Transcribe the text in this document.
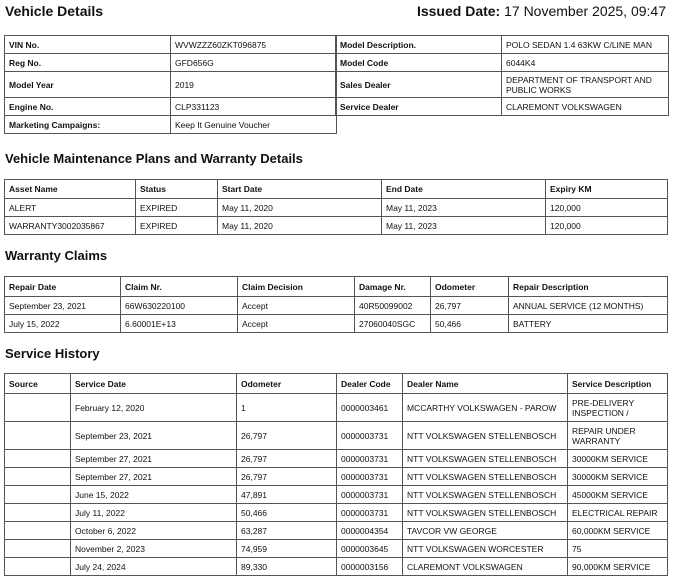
Vehicle Details	Issued Date: 17 November 2025, 09:47
VIN No.	WVWZZZ60ZKT096875
Reg No.	GFD656G
Model Year	2019
Engine No.	CLP331123
Marketing Campaigns:	Keep It Genuine Voucher
Model Description.	POLO SEDAN 1.4 63KW C/LINE MAN
Model Code	6044K4
Sales Dealer	DEPARTMENT OF TRANSPORT AND PUBLIC WORKS
Service Dealer	CLAREMONT VOLKSWAGEN
Vehicle Maintenance Plans and Warranty Details
Asset Name	Status	Start Date	End Date	Expiry KM
ALERT	EXPIRED	May 11, 2020	May 11, 2023	120,000
WARRANTY3002035867	EXPIRED	May 11, 2020	May 11, 2023	120,000
Warranty Claims
Repair Date	Claim Nr.	Claim Decision	Damage Nr.	Odometer	Repair Description
September 23, 2021	66W630220100	Accept	40R50099002	26,797	ANNUAL SERVICE (12 MONTHS)
July 15, 2022	6.60001E+13	Accept	27060040SGC	50,466	BATTERY
Service History
Source	Service Date	Odometer	Dealer Code	Dealer Name	Service Description
	February 12, 2020	1	0000003461	MCCARTHY VOLKSWAGEN - PAROW	PRE-DELIVERY INSPECTION /
	September 23, 2021	26,797	0000003731	NTT VOLKSWAGEN STELLENBOSCH	REPAIR UNDER WARRANTY
	September 27, 2021	26,797	0000003731	NTT VOLKSWAGEN STELLENBOSCH	30000KM SERVICE
	September 27, 2021	26,797	0000003731	NTT VOLKSWAGEN STELLENBOSCH	30000KM SERVICE
	June 15, 2022	47,891	0000003731	NTT VOLKSWAGEN STELLENBOSCH	45000KM SERVICE
	July 11, 2022	50,466	0000003731	NTT VOLKSWAGEN STELLENBOSCH	ELECTRICAL REPAIR
	October 6, 2022	63,287	0000004354	TAVCOR VW GEORGE	60,000KM SERVICE
	November 2, 2023	74,959	0000003645	NTT VOLKSWAGEN WORCESTER	75
	July 24, 2024	89,330	0000003156	CLAREMONT VOLKSWAGEN	90,000KM SERVICE
